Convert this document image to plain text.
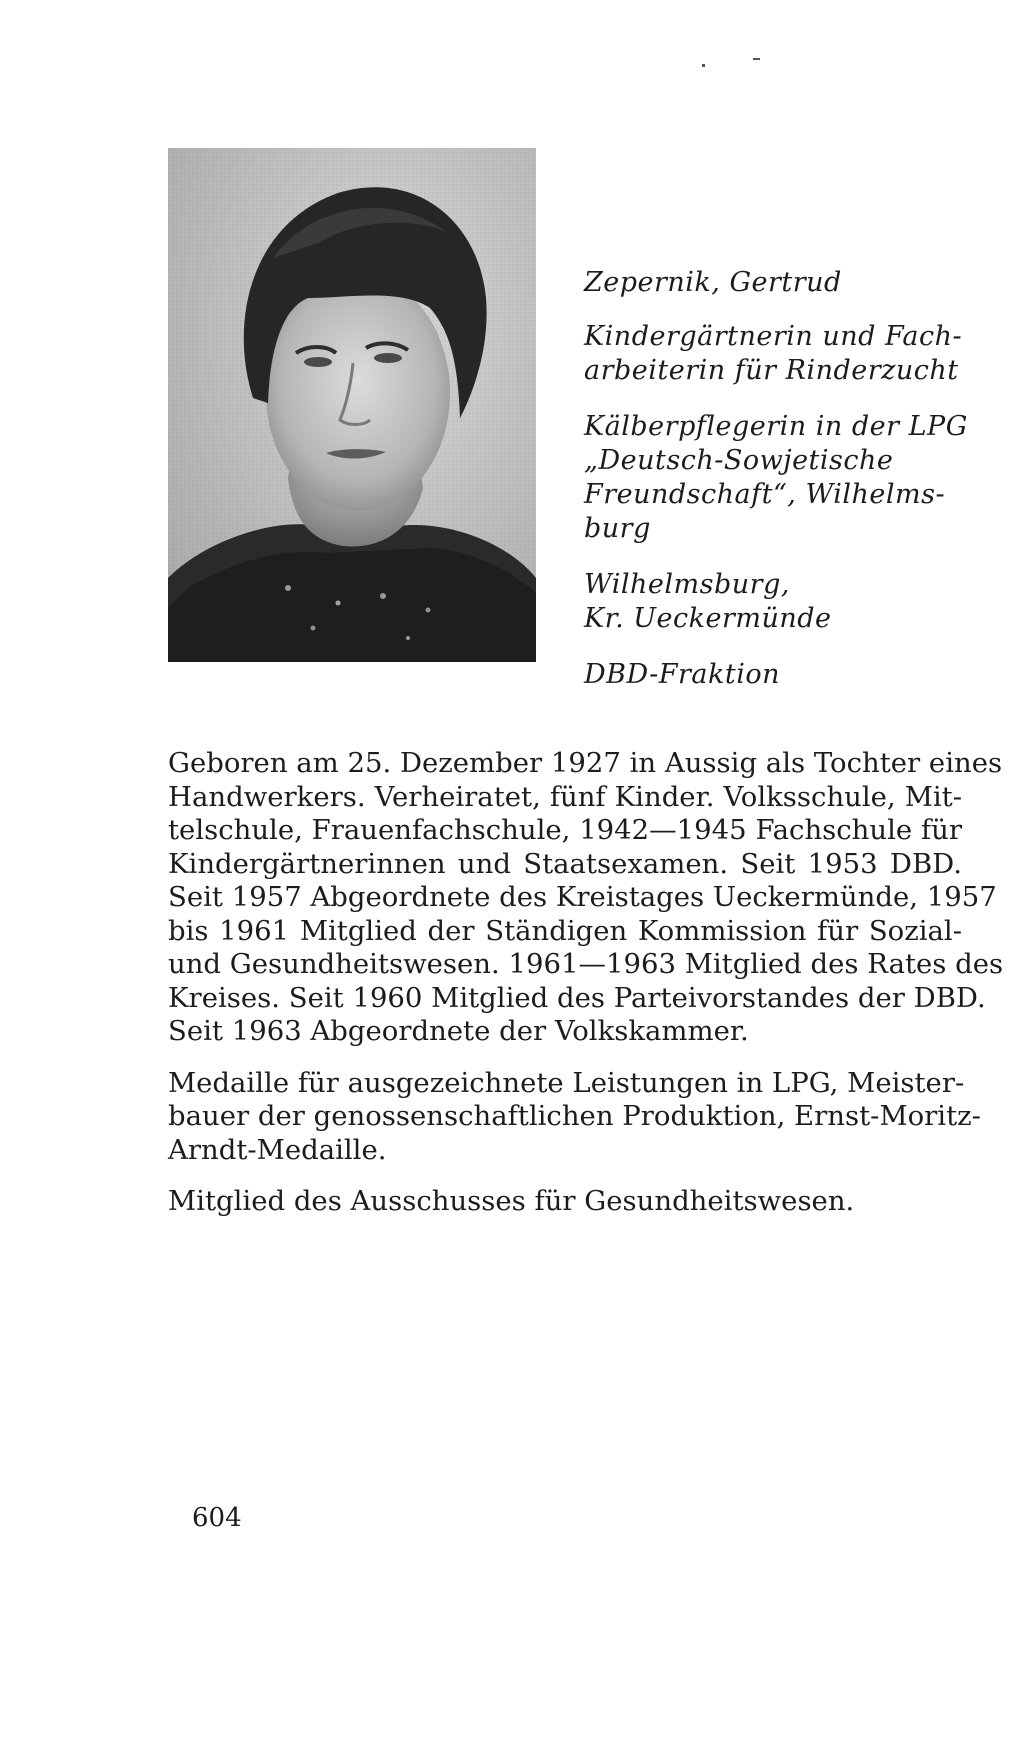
Zepernik, Gertrud
Kindergärtnerin und Fach-
arbeiterin für Rinderzucht
Kälberpflegerin in der LPG
„Deutsch-Sowjetische
Freundschaft“, Wilhelms-
burg
Wilhelmsburg,
Kr. Ueckermünde
DBD-Fraktion
Geboren am 25. Dezember 1927 in Aussig als Tochter eines
Handwerkers. Verheiratet, fünf Kinder. Volksschule, Mit-
telschule, Frauenfachschule, 1942—1945 Fachschule für
Kindergärtnerinnen und Staatsexamen. Seit 1953 DBD.
Seit 1957 Abgeordnete des Kreistages Ueckermünde, 1957
bis 1961 Mitglied der Ständigen Kommission für Sozial-
und Gesundheitswesen. 1961—1963 Mitglied des Rates des
Kreises. Seit 1960 Mitglied des Parteivorstandes der DBD.
Seit 1963 Abgeordnete der Volkskammer.
Medaille für ausgezeichnete Leistungen in LPG, Meister-
bauer der genossenschaftlichen Produktion, Ernst-Moritz-
Arndt-Medaille.
Mitglied des Ausschusses für Gesundheitswesen.
604
